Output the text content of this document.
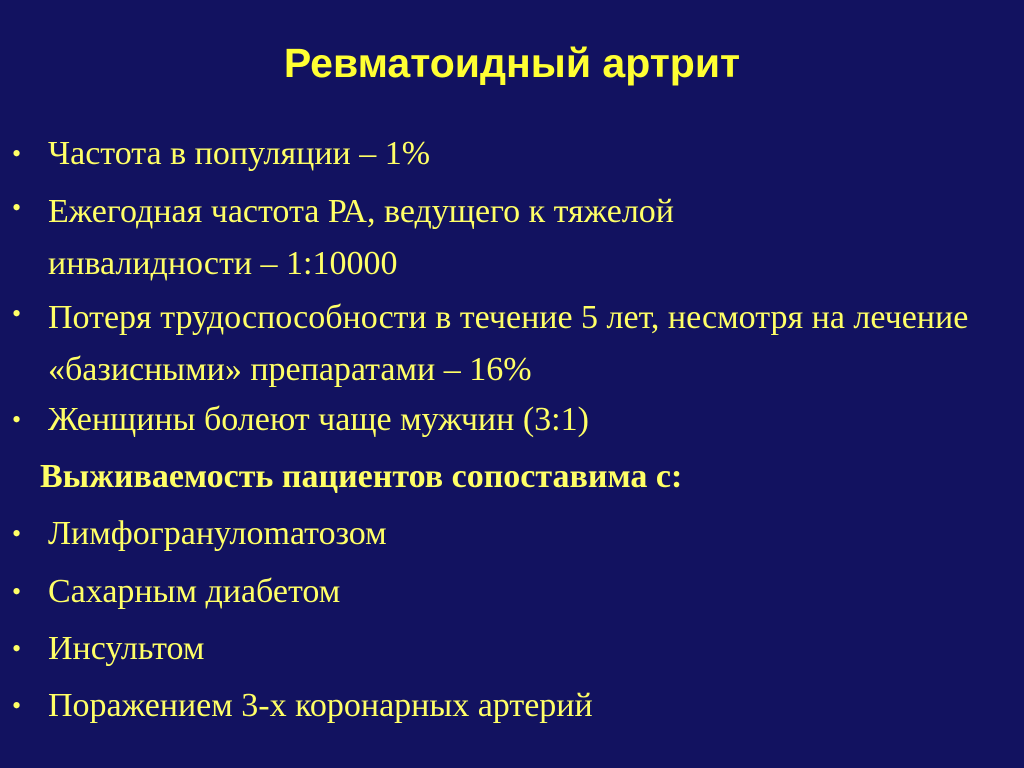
Ревматоидный артрит
• Частота в популяции – 1%
• Ежегодная частота РА, ведущего к тяжелой инвалидности – 1:10000
• Потеря трудоспособности в течение 5 лет, несмотря на лечение «базисными» препаратами – 16%
• Женщины болеют чаще мужчин (3:1)
Выживаемость пациентов сопоставима с:
• Лимфогранулomатозом
• Сахарным диабетом
• Инсультом
• Поражением 3-х коронарных артерий
